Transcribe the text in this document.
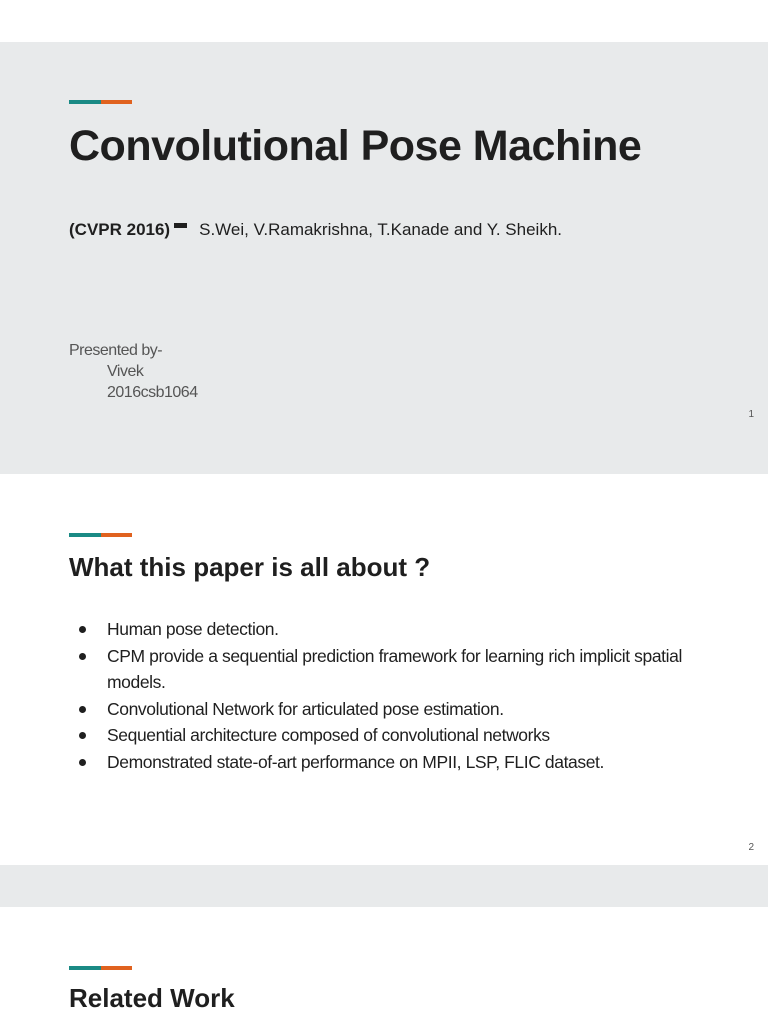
Convolutional Pose Machine

(CVPR 2016) S.Wei, V.Ramakrishna, T.Kanade and Y. Sheikh.

Presented by-
Vivek
2016csb1064
1
What this paper is all about ?
Human pose detection.
CPM provide a sequential prediction framework for learning rich implicit spatial models.
Convolutional Network for articulated pose estimation.
Sequential architecture composed of convolutional networks
Demonstrated state-of-art performance on MPII, LSP, FLIC dataset.
2
Related Work
